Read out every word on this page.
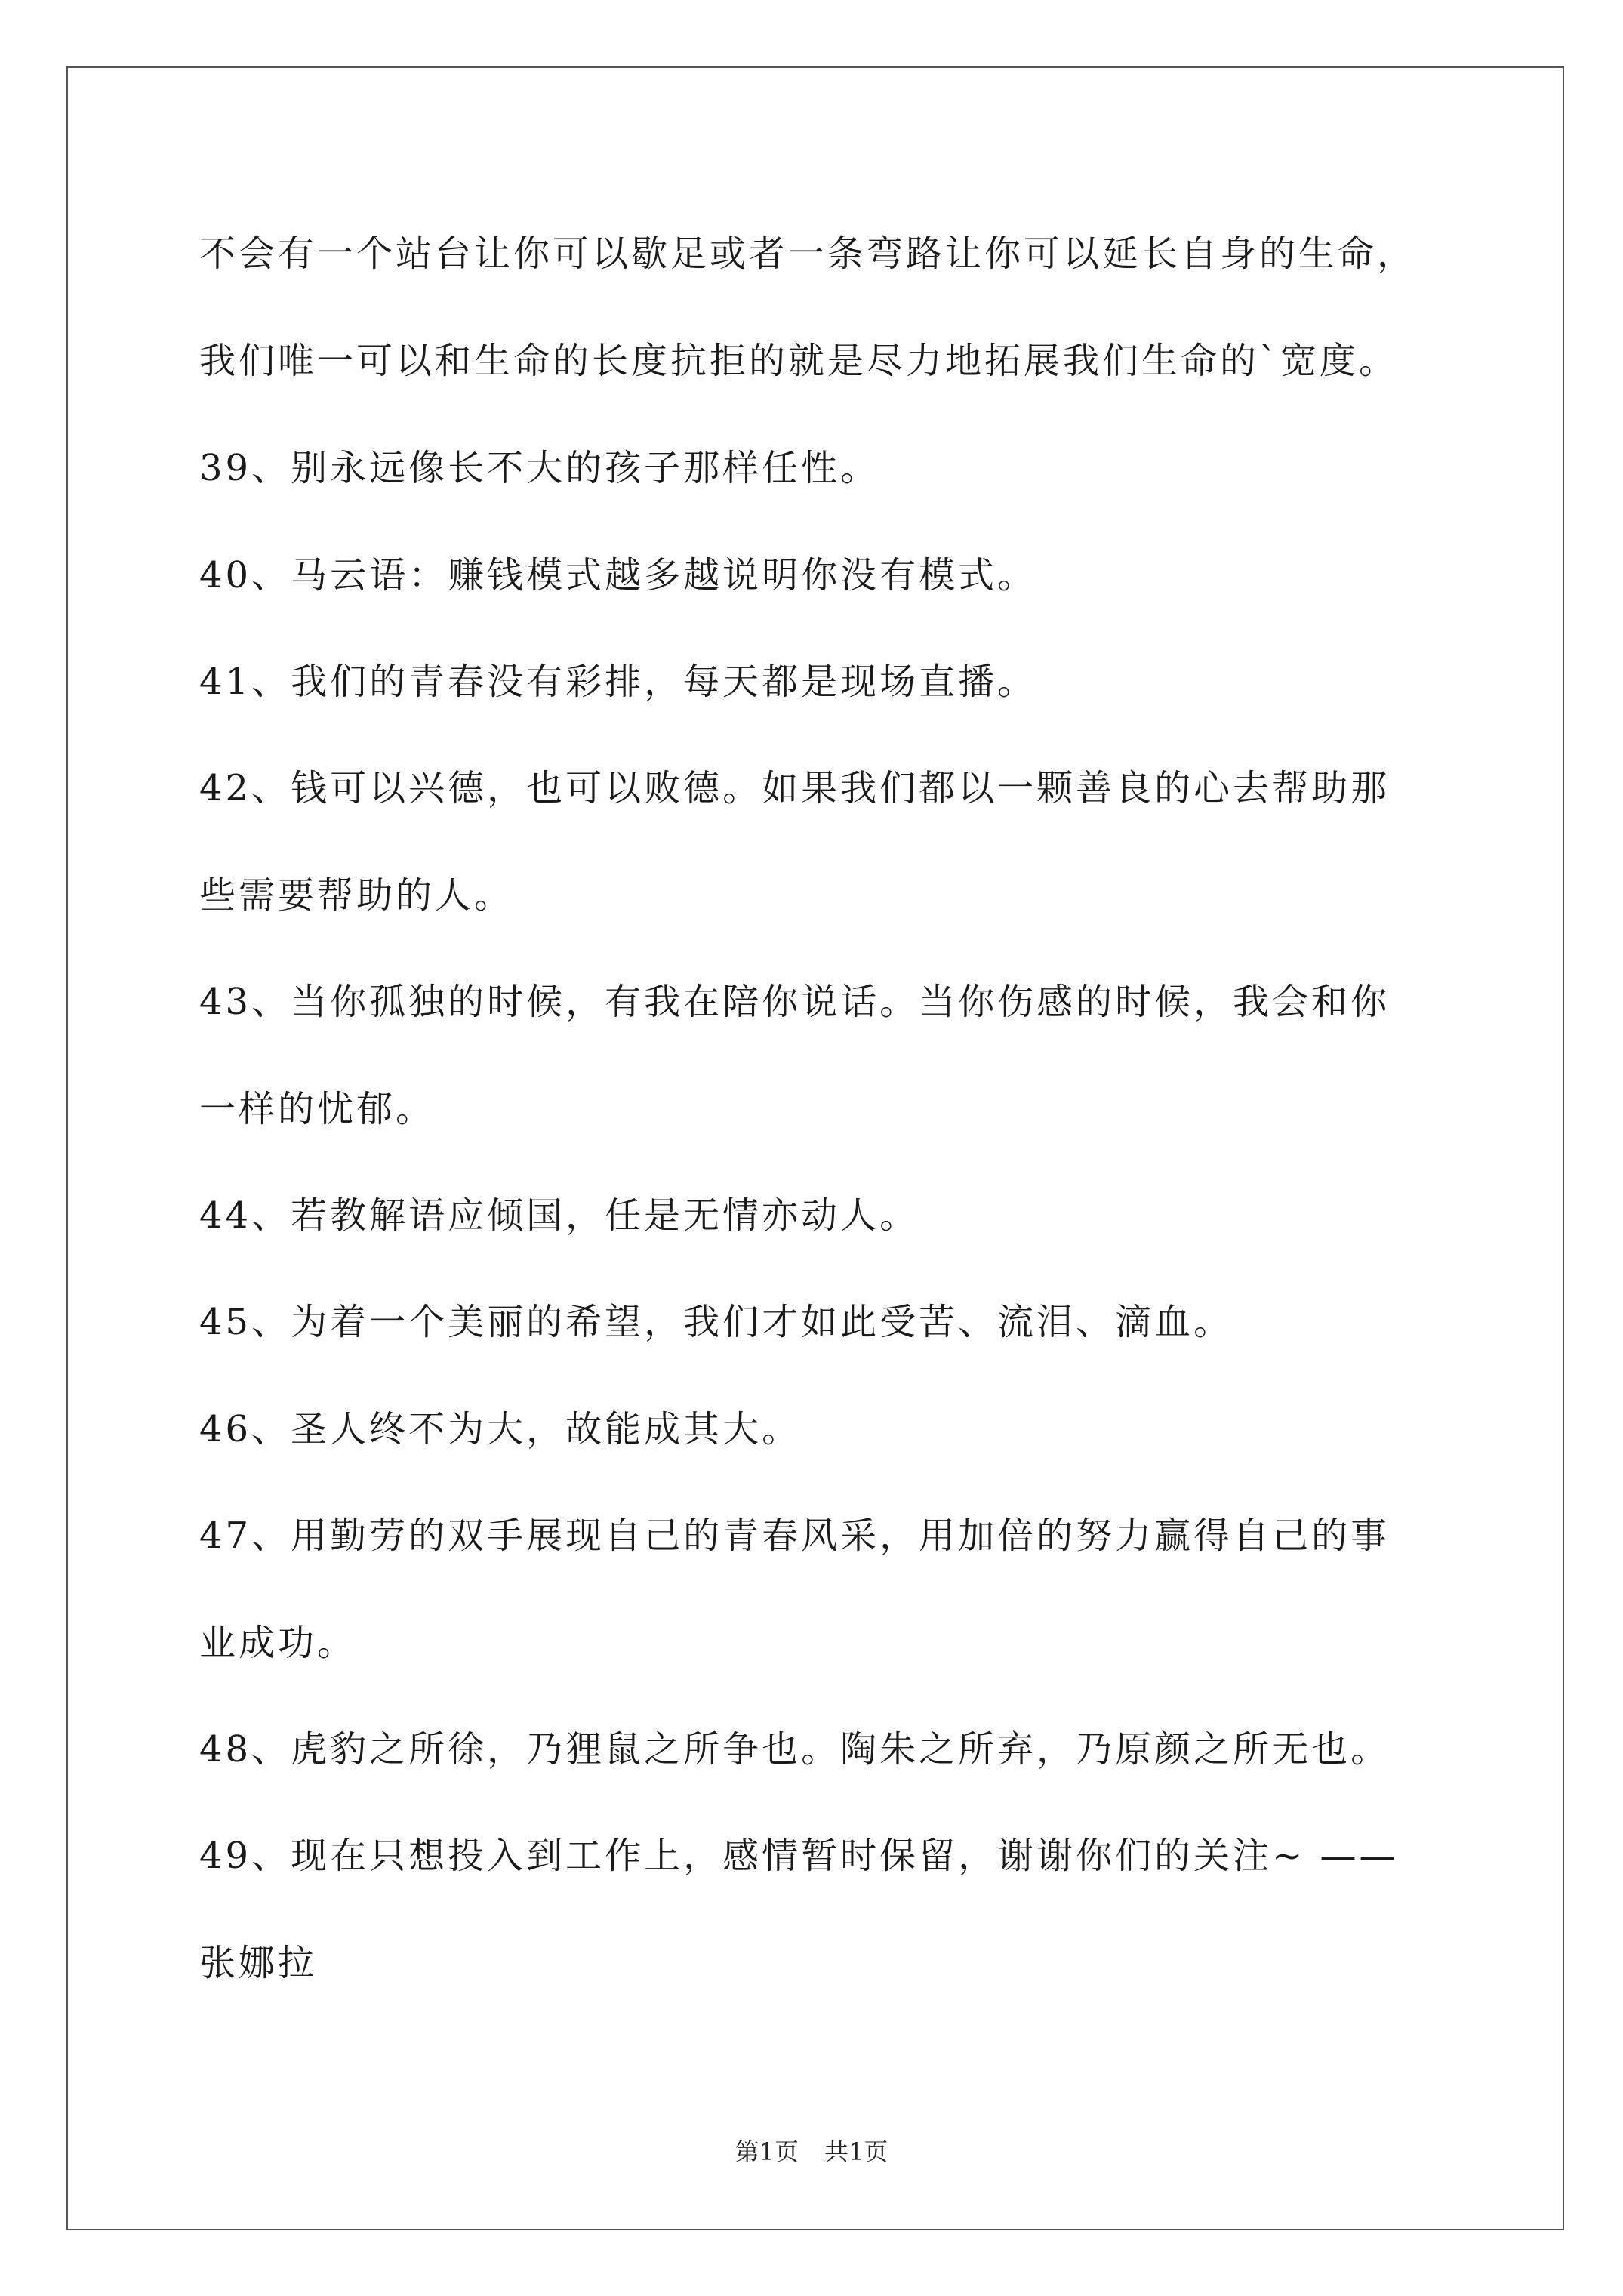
不会有一个站台让你可以歇足或者一条弯路让你可以延长自身的生命，
我们唯一可以和生命的长度抗拒的就是尽力地拓展我们生命的`宽度。
39、别永远像长不大的孩子那样任性。
40、马云语：赚钱模式越多越说明你没有模式。
41、我们的青春没有彩排，每天都是现场直播。
42、钱可以兴德，也可以败德。如果我们都以一颗善良的心去帮助那
些需要帮助的人。
43、当你孤独的时候，有我在陪你说话。当你伤感的时候，我会和你
一样的忧郁。
44、若教解语应倾国，任是无情亦动人。
45、为着一个美丽的希望，我们才如此受苦、流泪、滴血。
46、圣人终不为大，故能成其大。
47、用勤劳的双手展现自己的青春风采，用加倍的努力赢得自己的事
业成功。
48、虎豹之所徐，乃狸鼠之所争也。陶朱之所弃，乃原颜之所无也。
49、现在只想投入到工作上，感情暂时保留，谢谢你们的关注~ ——
张娜拉
第1页 共1页
